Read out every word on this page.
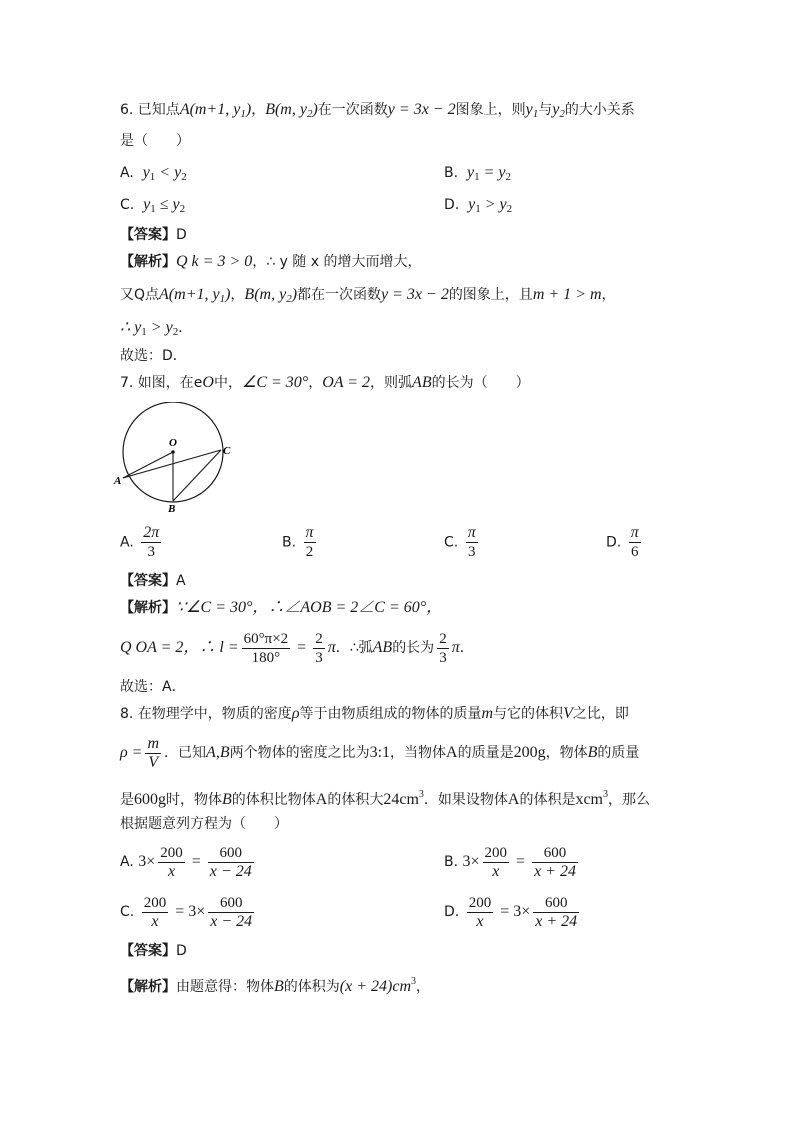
6. 已知点A(m+1, $y_1$)，B(m, $y_2$)在一次函数y = 3x − 2图象上，则$y_1$与$y_2$的大小关系
是（　　）
A. $y_1 < y_2$	B. $y_1 = y_2$
C. $y_1 \le y_2$	D. $y_1 > y_2$
【答案】D
【解析】Q k = 3 > 0，∴ y 随 x 的增大而增大，
又Q点A(m+1, $y_1$)，B(m, $y_2$)都在一次函数y = 3x − 2的图象上，且m + 1 > m，
∴ $y_1 > y_2$．
故选：D．
7. 如图，在eO中，∠C = 30°，OA = 2，则弧AB的长为（　　）
O
A
B
C
A. $\frac{2\pi}{3}$	B. $\frac{\pi}{2}$	C. $\frac{\pi}{3}$	D. $\frac{\pi}{6}$
【答案】A
【解析】∵∠C = 30°，∴∠AOB = 2∠C = 60°，
Q OA = 2，∴ $l = \frac{60^\circ\pi\times 2}{180^\circ} = \frac{2}{3}$ π．∴弧AB的长为 $\frac{2}{3}$ π．
故选：A．
8. 在物理学中，物质的密度ρ等于由物质组成的物体的质量m与它的体积V之比，即
$\rho = \frac{m}{V}$ ．已知A,B两个物体的密度之比为3:1，当物体A的质量是200g，物体B的质量
是600g时，物体B的体积比物体A的体积大$24cm^3$．如果设物体A的体积是xcm$^3$，那么
根据题意列方程为（　　）
A. $3\times \frac{200}{x} = \frac{600}{x - 24}$	B. $3\times \frac{200}{x} = \frac{600}{x + 24}$
C. $\frac{200}{x} = 3\times \frac{600}{x - 24}$	D. $\frac{200}{x} = 3\times \frac{600}{x + 24}$
【答案】D
【解析】由题意得：物体B的体积为$(x + 24)cm^3$，
